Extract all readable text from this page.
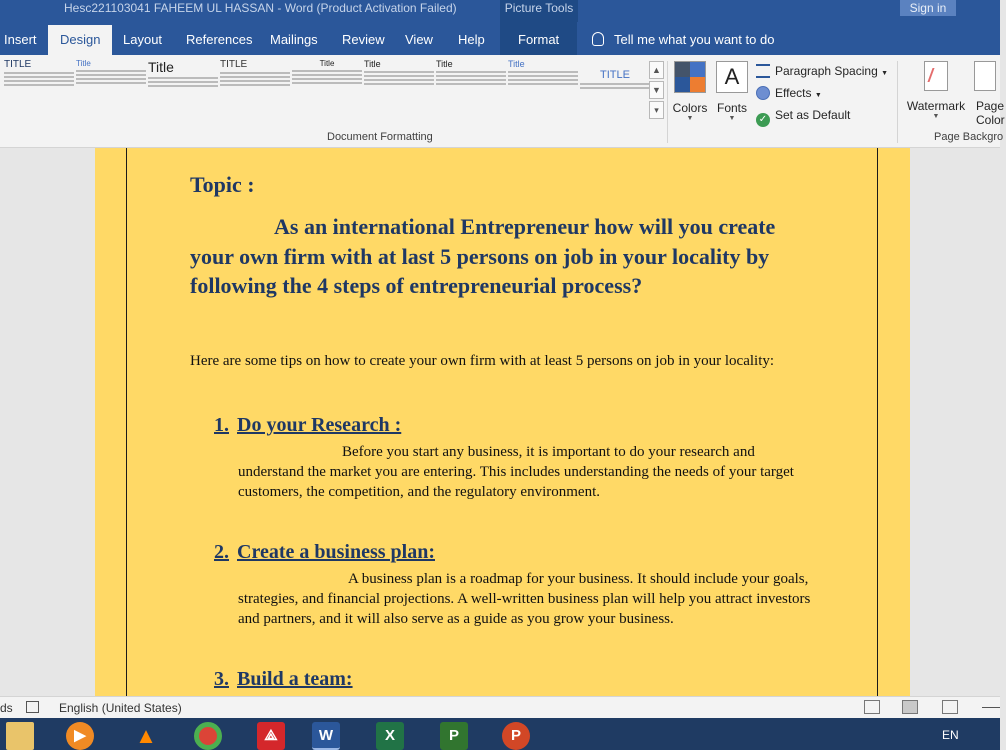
Hesc221103041 FAHEEM UL HASSAN - Word (Product Activation Failed)	Picture Tools	Sign in
Insert	Design	Layout References Mailings Review View Help	Format	Tell me what you want to do
TITLE	Title	Title	TITLE	Title	Title	Title	Title
TITLE	▲
▼
▾	Colors
▼
A
Fonts
▼
Paragraph Spacing ▼
Effects ▼
✓ Set as Default
Document Formatting
Watermark
▼
Page
Color
Page Backgro
Topic :
As an international Entrepreneur how will you create your own firm with at last 5 persons on job in your locality by following the 4 steps of entrepreneurial process?
Here are some tips on how to create your own firm with at least 5 persons on job in your locality:
1. Do your Research :
Before you start any business, it is important to do your research and understand the market you are entering. This includes understanding the needs of your target customers, the competition, and the regulatory environment.
2. Create a business plan:
A business plan is a roadmap for your business. It should include your goals, strategies, and financial projections. A well-written business plan will help you attract investors and partners, and it will also serve as a guide as you grow your business.
3. Build a team:
ds	English (United States)
▶	▲	⟁	W	X	P	P	EN
